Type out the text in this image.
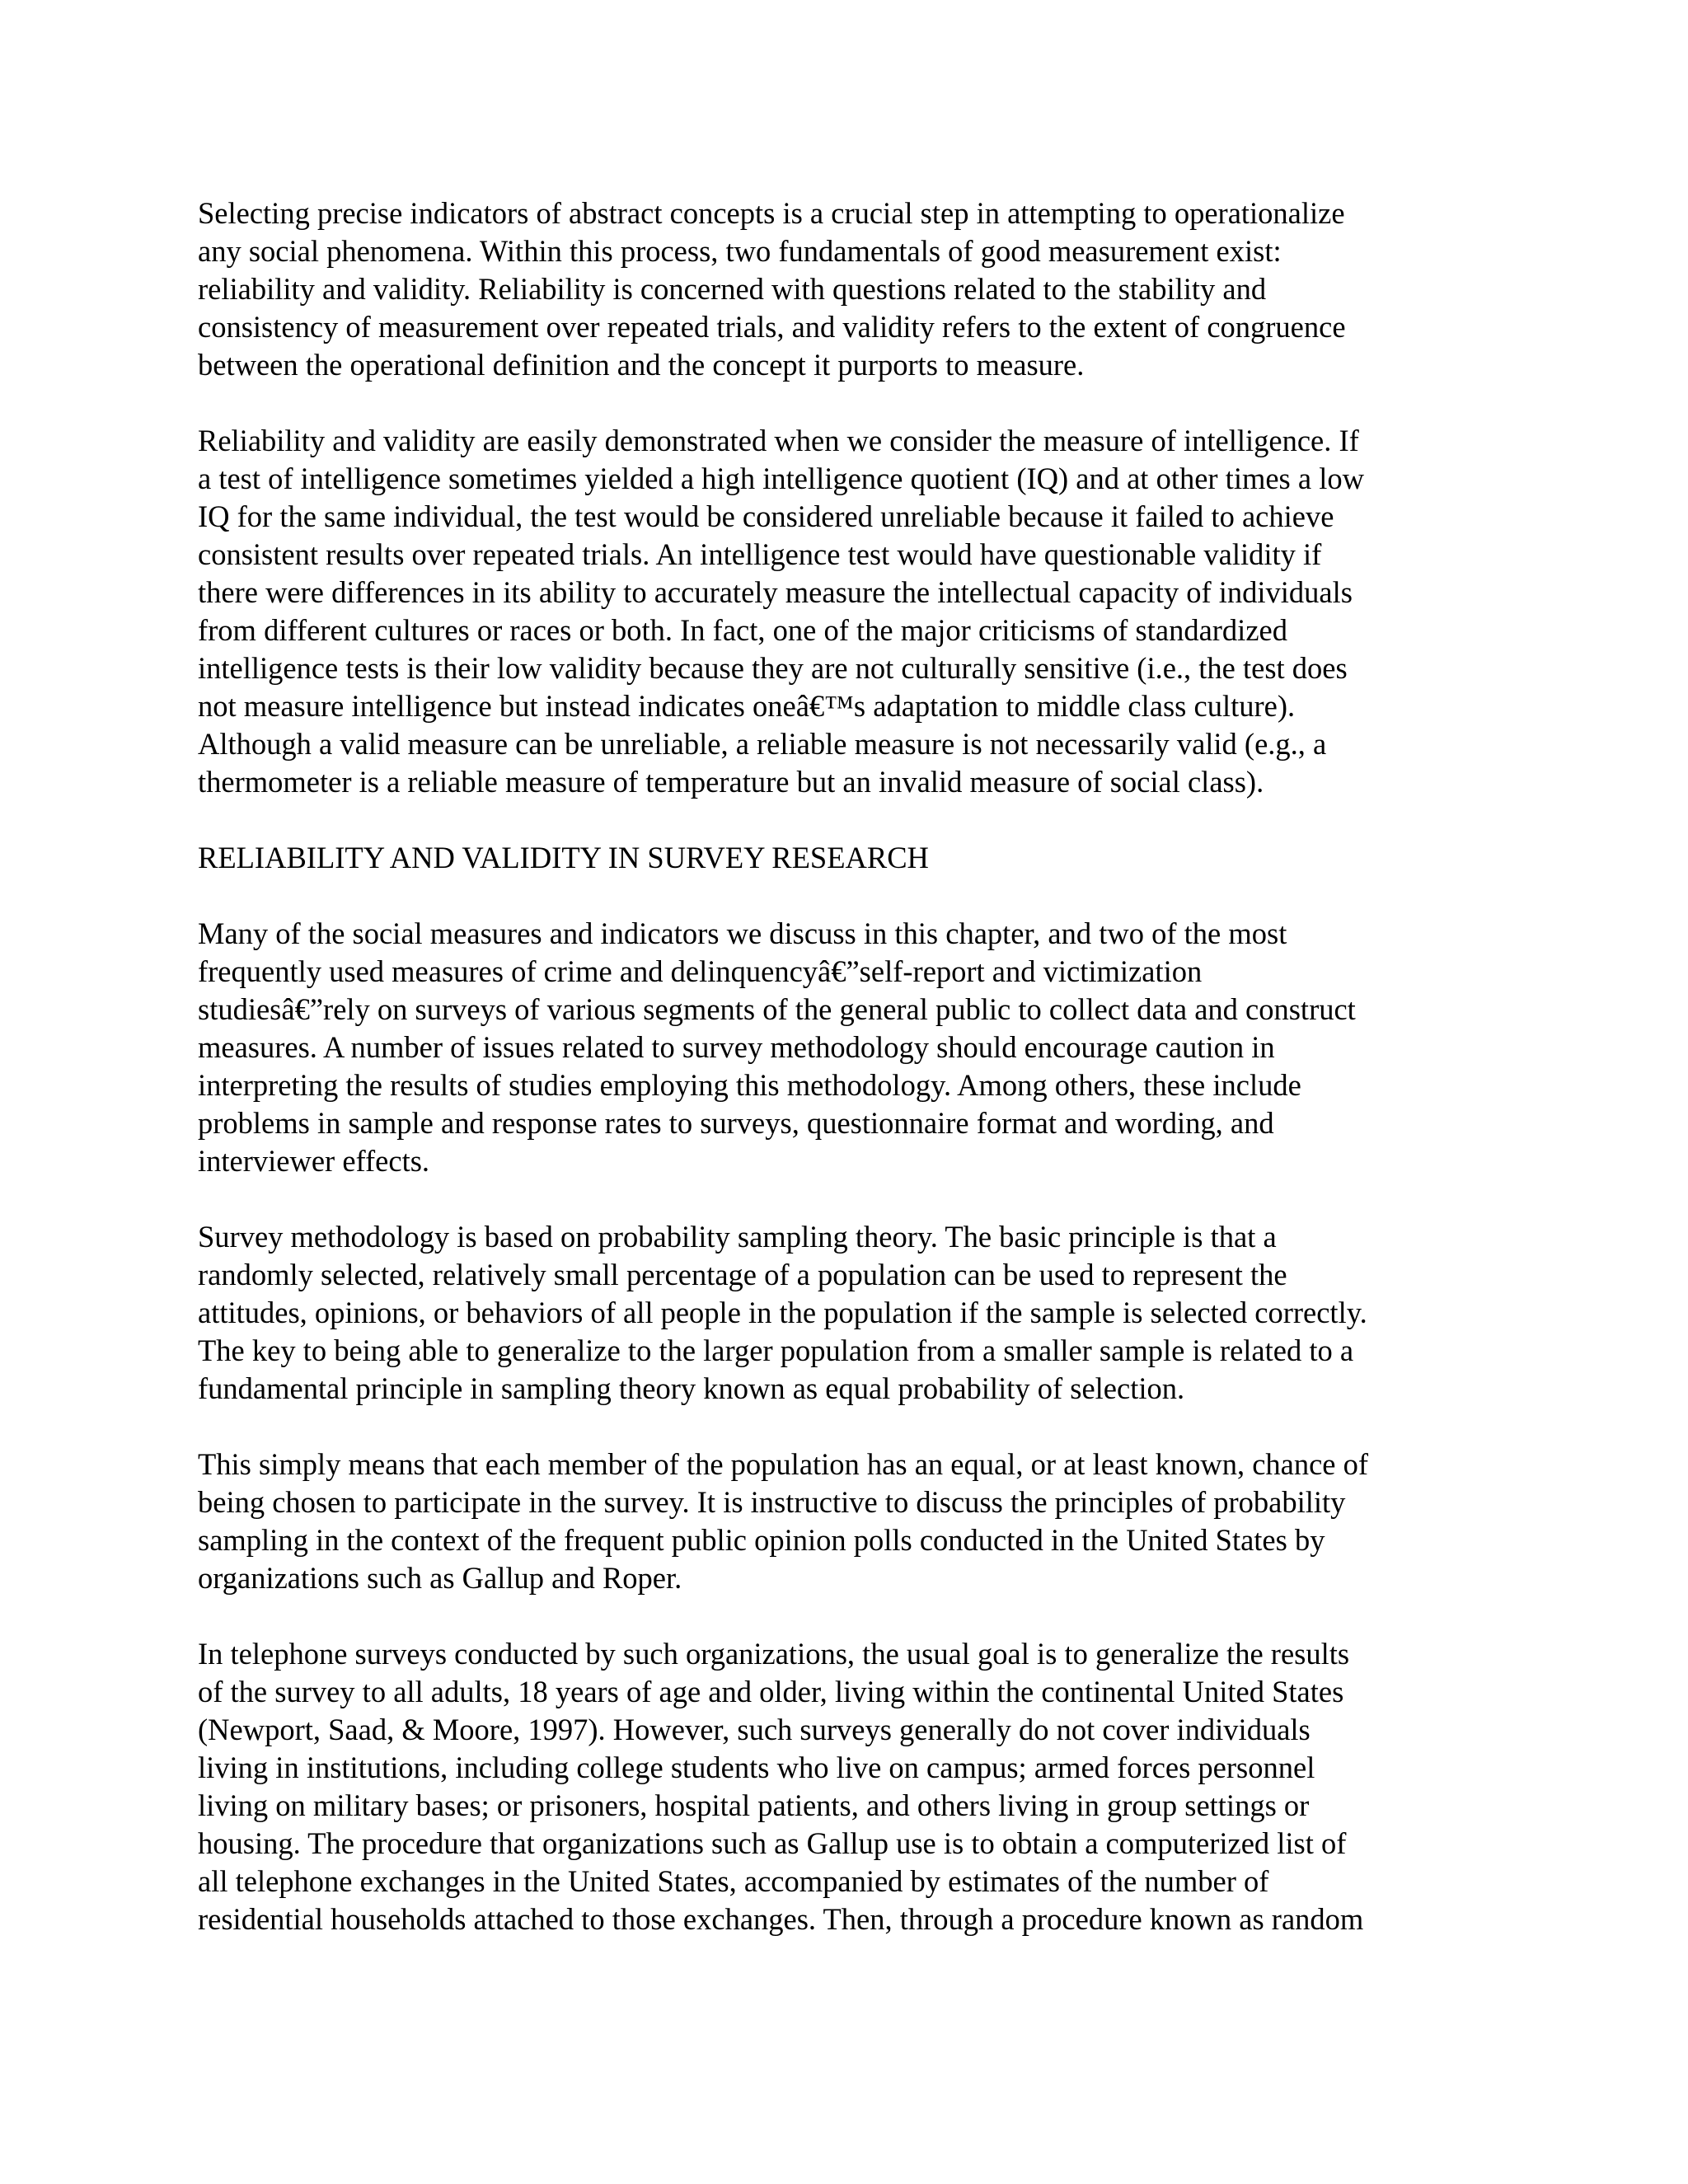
Selecting precise indicators of abstract concepts is a crucial step in attempting to operationalize
any social phenomena. Within this process, two fundamentals of good measurement exist:
reliability and validity. Reliability is concerned with questions related to the stability and
consistency of measurement over repeated trials, and validity refers to the extent of congruence
between the operational definition and the concept it purports to measure.

Reliability and validity are easily demonstrated when we consider the measure of intelligence. If
a test of intelligence sometimes yielded a high intelligence quotient (IQ) and at other times a low
IQ for the same individual, the test would be considered unreliable because it failed to achieve
consistent results over repeated trials. An intelligence test would have questionable validity if
there were differences in its ability to accurately measure the intellectual capacity of individuals
from different cultures or races or both. In fact, one of the major criticisms of standardized
intelligence tests is their low validity because they are not culturally sensitive (i.e., the test does
not measure intelligence but instead indicates oneâ€™s adaptation to middle class culture).
Although a valid measure can be unreliable, a reliable measure is not necessarily valid (e.g., a
thermometer is a reliable measure of temperature but an invalid measure of social class).

RELIABILITY AND VALIDITY IN SURVEY RESEARCH

Many of the social measures and indicators we discuss in this chapter, and two of the most
frequently used measures of crime and delinquencyâ€”self-report and victimization
studiesâ€”rely on surveys of various segments of the general public to collect data and construct
measures. A number of issues related to survey methodology should encourage caution in
interpreting the results of studies employing this methodology. Among others, these include
problems in sample and response rates to surveys, questionnaire format and wording, and
interviewer effects.

Survey methodology is based on probability sampling theory. The basic principle is that a
randomly selected, relatively small percentage of a population can be used to represent the
attitudes, opinions, or behaviors of all people in the population if the sample is selected correctly.
The key to being able to generalize to the larger population from a smaller sample is related to a
fundamental principle in sampling theory known as equal probability of selection.

This simply means that each member of the population has an equal, or at least known, chance of
being chosen to participate in the survey. It is instructive to discuss the principles of probability
sampling in the context of the frequent public opinion polls conducted in the United States by
organizations such as Gallup and Roper.

In telephone surveys conducted by such organizations, the usual goal is to generalize the results
of the survey to all adults, 18 years of age and older, living within the continental United States
(Newport, Saad, & Moore, 1997). However, such surveys generally do not cover individuals
living in institutions, including college students who live on campus; armed forces personnel
living on military bases; or prisoners, hospital patients, and others living in group settings or
housing. The procedure that organizations such as Gallup use is to obtain a computerized list of
all telephone exchanges in the United States, accompanied by estimates of the number of
residential households attached to those exchanges. Then, through a procedure known as random
